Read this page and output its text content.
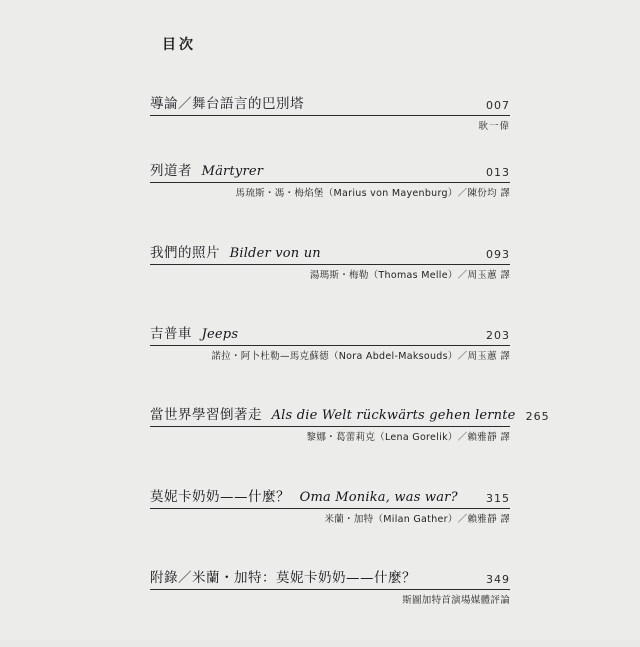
目次
導論／舞台語言的巴別塔	007
耿一偉
列道者 Märtyrer	013
馬琉斯・馮・梅焰堡（Marius von Mayenburg）／陳份均 譯
我們的照片 Bilder von un	093
湯瑪斯・梅勒（Thomas Melle）／周玉蕙 譯
吉普車 Jeeps	203
諾拉・阿卜杜勒—馬克蘇德（Nora Abdel-Maksouds）／周玉蕙 譯
當世界學習倒著走 Als die Welt rückwärts gehen lernte 265
黎娜・葛蕾莉克（Lena Gorelik）／賴雅靜 譯
莫妮卡奶奶——什麼？ Oma Monika, was war?	315
米蘭・加特（Milan Gather）／賴雅靜 譯
附錄／米蘭・加特：莫妮卡奶奶——什麼？	349
斯圖加特首演場媒體評論
